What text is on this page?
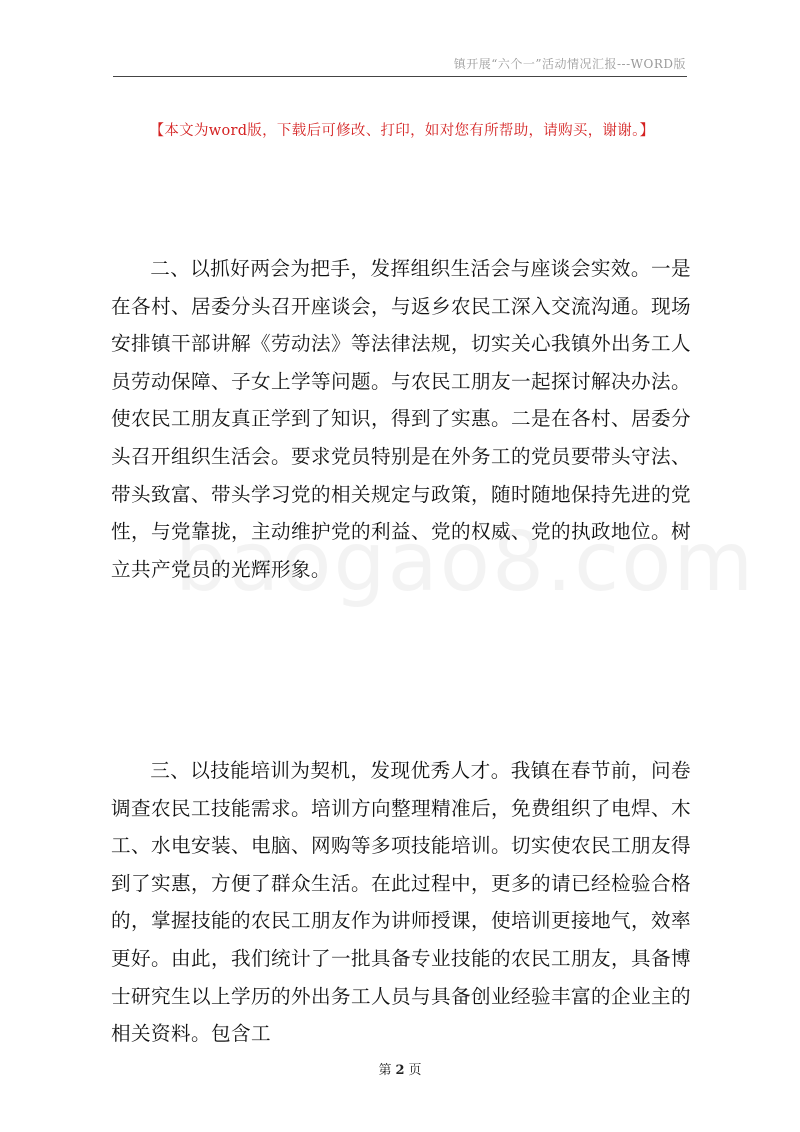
镇开展“六个一”活动情况汇报---WORD版
【本文为word版，下载后可修改、打印，如对您有所帮助，请购买，谢谢。】

二、以抓好两会为把手，发挥组织生活会与座谈会实效。一是在各村、居委分头召开座谈会，与返乡农民工深入交流沟通。现场安排镇干部讲解《劳动法》等法律法规，切实关心我镇外出务工人员劳动保障、子女上学等问题。与农民工朋友一起探讨解决办法。使农民工朋友真正学到了知识，得到了实惠。二是在各村、居委分头召开组织生活会。要求党员特别是在外务工的党员要带头守法、带头致富、带头学习党的相关规定与政策，随时随地保持先进的党性，与党靠拢，主动维护党的利益、党的权威、党的执政地位。树立共产党员的光辉形象。

三、以技能培训为契机，发现优秀人才。我镇在春节前，问卷调查农民工技能需求。培训方向整理精准后，免费组织了电焊、木工、水电安装、电脑、网购等多项技能培训。切实使农民工朋友得到了实惠，方便了群众生活。在此过程中，更多的请已经检验合格的，掌握技能的农民工朋友作为讲师授课，使培训更接地气，效率更好。由此，我们统计了一批具备专业技能的农民工朋友，具备博士研究生以上学历的外出务工人员与具备创业经验丰富的企业主的相关资料。包含工

第 2 页
